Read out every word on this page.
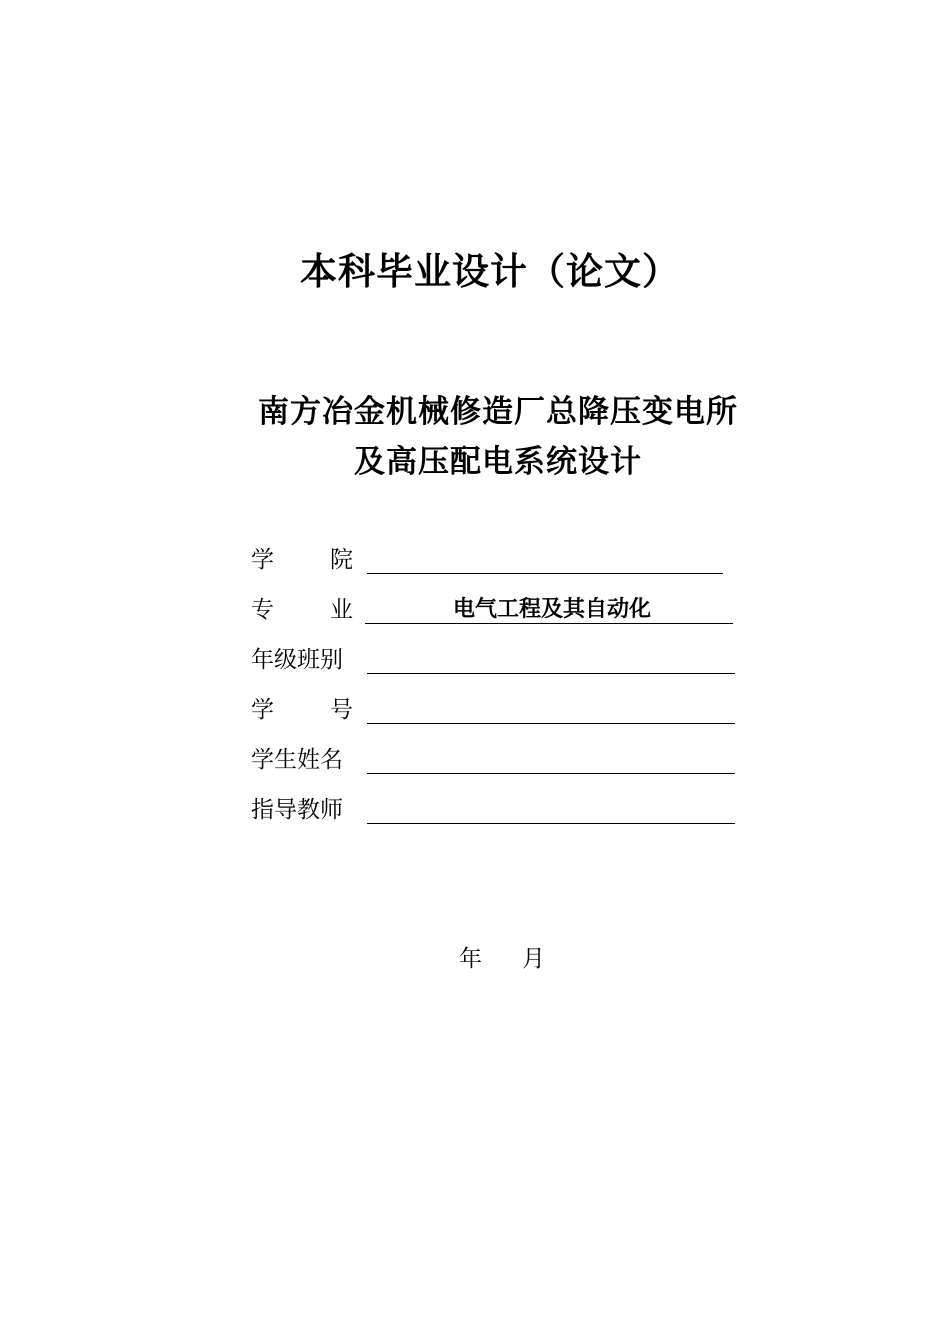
本科毕业设计（论文）
南方冶金机械修造厂总降压变电所
及高压配电系统设计
学 院
专 业	电气工程及其自动化
年级班别
学 号
学生姓名
指导教师
年 月
